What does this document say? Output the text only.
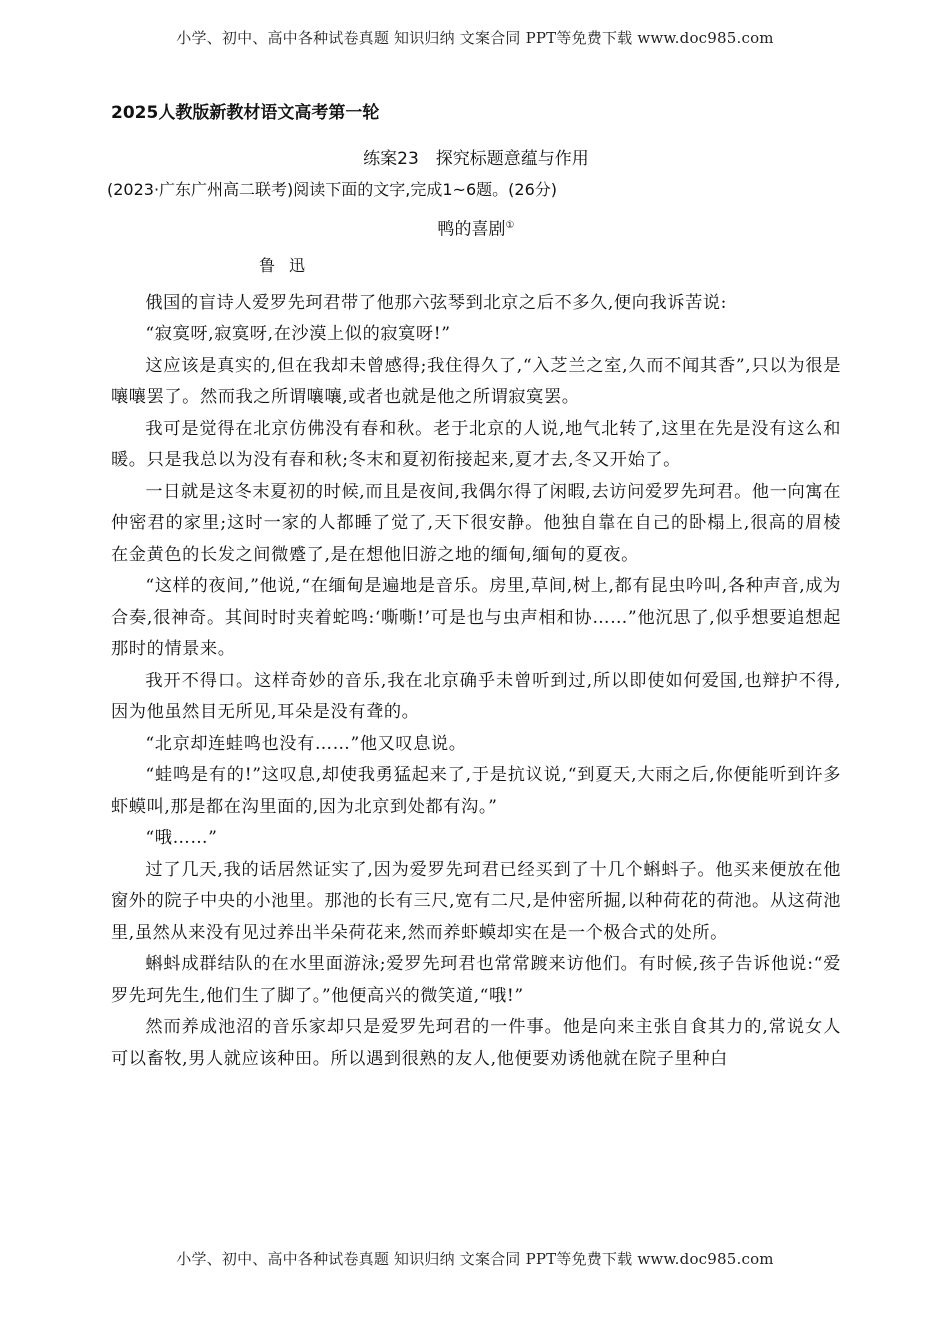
小学、初中、高中各种试卷真题 知识归纳 文案合同 PPT等免费下载 www.doc985.com
2025人教版新教材语文高考第一轮
练案23　探究标题意蕴与作用
(2023·广东广州高二联考)阅读下面的文字,完成1~6题。(26分)
鸭的喜剧①
鲁迅

俄国的盲诗人爱罗先珂君带了他那六弦琴到北京之后不多久,便向我诉苦说:

“寂寞呀,寂寞呀,在沙漠上似的寂寞呀!”

这应该是真实的,但在我却未曾感得;我住得久了,“入芝兰之室,久而不闻其香”,只以为很是嚷嚷罢了。然而我之所谓嚷嚷,或者也就是他之所谓寂寞罢。

我可是觉得在北京仿佛没有春和秋。老于北京的人说,地气北转了,这里在先是没有这么和暖。只是我总以为没有春和秋;冬末和夏初衔接起来,夏才去,冬又开始了。

一日就是这冬末夏初的时候,而且是夜间,我偶尔得了闲暇,去访问爱罗先珂君。他一向寓在仲密君的家里;这时一家的人都睡了觉了,天下很安静。他独自靠在自己的卧榻上,很高的眉棱在金黄色的长发之间微蹙了,是在想他旧游之地的缅甸,缅甸的夏夜。

“这样的夜间,”他说,“在缅甸是遍地是音乐。房里,草间,树上,都有昆虫吟叫,各种声音,成为合奏,很神奇。其间时时夹着蛇鸣:‘嘶嘶!’可是也与虫声相和协……”他沉思了,似乎想要追想起那时的情景来。

我开不得口。这样奇妙的音乐,我在北京确乎未曾听到过,所以即使如何爱国,也辩护不得,因为他虽然目无所见,耳朵是没有聋的。

“北京却连蛙鸣也没有……”他又叹息说。

“蛙鸣是有的!”这叹息,却使我勇猛起来了,于是抗议说,“到夏天,大雨之后,你便能听到许多虾蟆叫,那是都在沟里面的,因为北京到处都有沟。”

“哦……”

过了几天,我的话居然证实了,因为爱罗先珂君已经买到了十几个蝌蚪子。他买来便放在他窗外的院子中央的小池里。那池的长有三尺,宽有二尺,是仲密所掘,以种荷花的荷池。从这荷池里,虽然从来没有见过养出半朵荷花来,然而养虾蟆却实在是一个极合式的处所。

蝌蚪成群结队的在水里面游泳;爱罗先珂君也常常踱来访他们。有时候,孩子告诉他说:“爱罗先珂先生,他们生了脚了。”他便高兴的微笑道,“哦!”

然而养成池沼的音乐家却只是爱罗先珂君的一件事。他是向来主张自食其力的,常说女人可以畜牧,男人就应该种田。所以遇到很熟的友人,他便要劝诱他就在院子里种白

小学、初中、高中各种试卷真题 知识归纳 文案合同 PPT等免费下载 www.doc985.com
